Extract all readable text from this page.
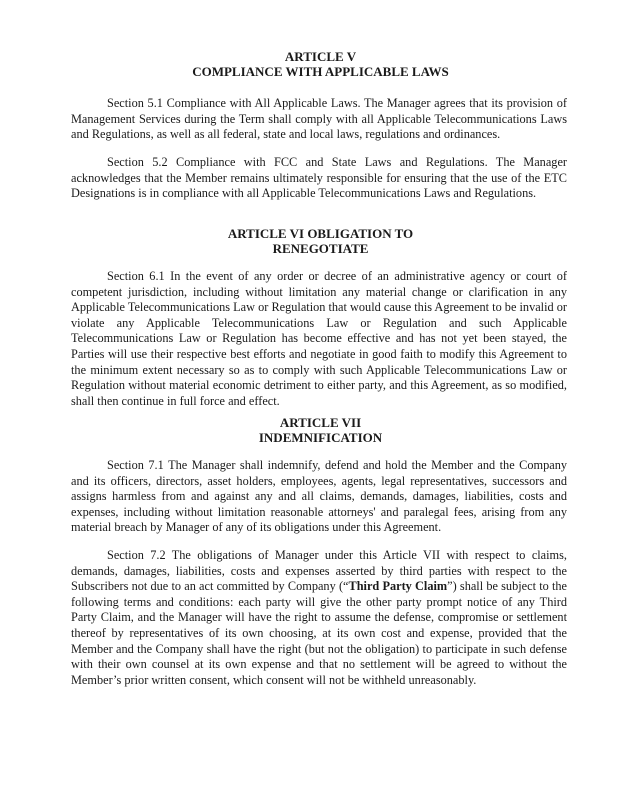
ARTICLE V
COMPLIANCE WITH APPLICABLE LAWS

Section 5.1 Compliance with All Applicable Laws. The Manager agrees that its provision of Management Services during the Term shall comply with all Applicable Telecommunications Laws and Regulations, as well as all federal, state and local laws, regulations and ordinances.

Section 5.2 Compliance with FCC and State Laws and Regulations. The Manager acknowledges that the Member remains ultimately responsible for ensuring that the use of the ETC Designations is in compliance with all Applicable Telecommunications Laws and Regulations.

ARTICLE VI OBLIGATION TO
RENEGOTIATE

Section 6.1 In the event of any order or decree of an administrative agency or court of competent jurisdiction, including without limitation any material change or clarification in any Applicable Telecommunications Law or Regulation that would cause this Agreement to be invalid or violate any Applicable Telecommunications Law or Regulation and such Applicable Telecommunications Law or Regulation has become effective and has not yet been stayed, the Parties will use their respective best efforts and negotiate in good faith to modify this Agreement to the minimum extent necessary so as to comply with such Applicable Telecommunications Law or Regulation without material economic detriment to either party, and this Agreement, as so modified, shall then continue in full force and effect.

ARTICLE VII
INDEMNIFICATION

Section 7.1 The Manager shall indemnify, defend and hold the Member and the Company and its officers, directors, asset holders, employees, agents, legal representatives, successors and assigns harmless from and against any and all claims, demands, damages, liabilities, costs and expenses, including without limitation reasonable attorneys' and paralegal fees, arising from any material breach by Manager of any of its obligations under this Agreement.

Section 7.2 The obligations of Manager under this Article VII with respect to claims, demands, damages, liabilities, costs and expenses asserted by third parties with respect to the Subscribers not due to an act committed by Company (“Third Party Claim”) shall be subject to the following terms and conditions: each party will give the other party prompt notice of any Third Party Claim, and the Manager will have the right to assume the defense, compromise or settlement thereof by representatives of its own choosing, at its own cost and expense, provided that the Member and the Company shall have the right (but not the obligation) to participate in such defense with their own counsel at its own expense and that no settlement will be agreed to without the Member’s prior written consent, which consent will not be withheld unreasonably.
